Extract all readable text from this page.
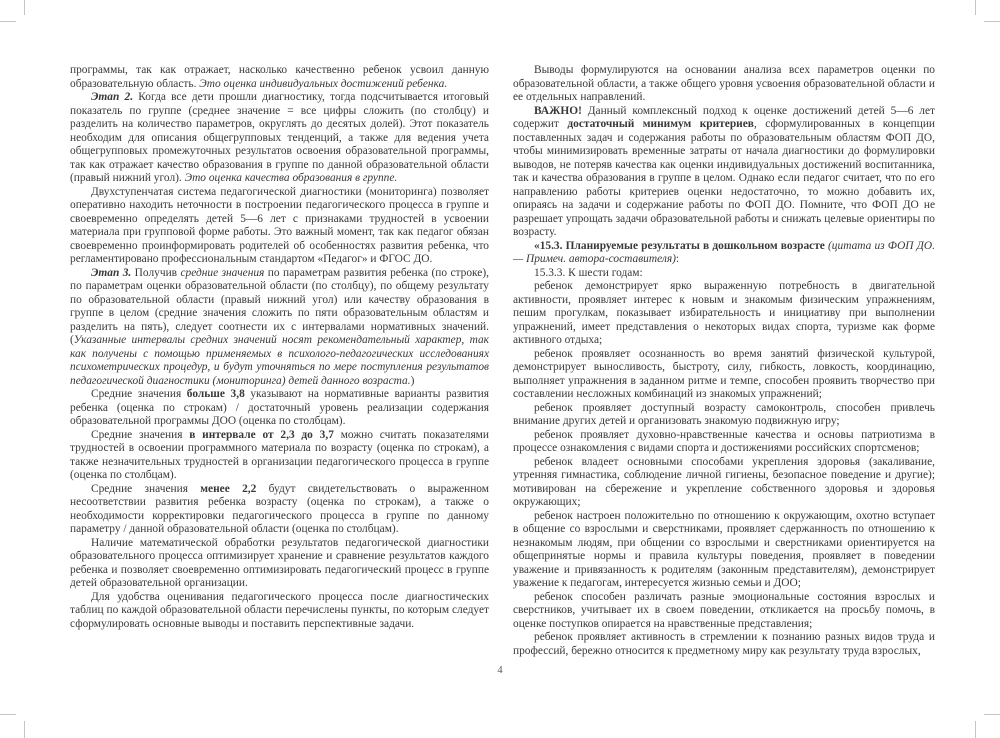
программы, так как отражает, насколько качественно ребенок усвоил данную образовательную область. Это оценка индивидуальных достижений ребенка.

Этап 2. Когда все дети прошли диагностику, тогда подсчитывается итоговый показатель по группе (среднее значение = все цифры сложить (по столбцу) и разделить на количество параметров, округлять до десятых долей). Этот показатель необходим для описания общегрупповых тенденций, а также для ведения учета общегрупповых промежуточных результатов освоения образовательной программы, так как отражает качество образования в группе по данной образовательной области (правый нижний угол). Это оценка качества образования в группе.

Двухступенчатая система педагогической диагностики (мониторинга) позволяет оперативно находить неточности в построении педагогического процесса в группе и своевременно определять детей 5—6 лет с признаками трудностей в усвоении материала при групповой форме работы. Это важный момент, так как педагог обязан своевременно проинформировать родителей об особенностях развития ребенка, что регламентировано профессиональным стандартом «Педагог» и ФГОС ДО.

Этап 3. Получив средние значения по параметрам развития ребенка (по строке), по параметрам оценки образовательной области (по столбцу), по общему результату по образовательной области (правый нижний угол) или качеству образования в группе в целом (средние значения сложить по пяти образовательным областям и разделить на пять), следует соотнести их с интервалами нормативных значений. (Указанные интервалы средних значений носят рекомендательный характер, так как получены с помощью применяемых в психолого-педагогических исследованиях психометрических процедур, и будут уточняться по мере поступления результатов педагогической диагностики (мониторинга) детей данного возраста.)

Средние значения больше 3,8 указывают на нормативные варианты развития ребенка (оценка по строкам) / достаточный уровень реализации содержания образовательной программы ДОО (оценка по столбцам).

Средние значения в интервале от 2,3 до 3,7 можно считать показателями трудностей в освоении программного материала по возрасту (оценка по строкам), а также незначительных трудностей в организации педагогического процесса в группе (оценка по столбцам).

Средние значения менее 2,2 будут свидетельствовать о выраженном несоответствии развития ребенка возрасту (оценка по строкам), а также о необходимости корректировки педагогического процесса в группе по данному параметру / данной образовательной области (оценка по столбцам).

Наличие математической обработки результатов педагогической диагностики образовательного процесса оптимизирует хранение и сравнение результатов каждого ребенка и позволяет своевременно оптимизировать педагогический процесс в группе детей образовательной организации.

Для удобства оценивания педагогического процесса после диагностических таблиц по каждой образовательной области перечислены пункты, по которым следует сформулировать основные выводы и поставить перспективные задачи.

Выводы формулируются на основании анализа всех параметров оценки по образовательной области, а также общего уровня усвоения образовательной области и ее отдельных направлений.

ВАЖНО! Данный комплексный подход к оценке достижений детей 5—6 лет содержит достаточный минимум критериев, сформулированных в концепции поставленных задач и содержания работы по образовательным областям ФОП ДО, чтобы минимизировать временные затраты от начала диагностики до формулировки выводов, не потеряв качества как оценки индивидуальных достижений воспитанника, так и качества образования в группе в целом. Однако если педагог считает, что по его направлению работы критериев оценки недостаточно, то можно добавить их, опираясь на задачи и содержание работы по ФОП ДО. Помните, что ФОП ДО не разрешает упрощать задачи образовательной работы и снижать целевые ориентиры по возрасту.

«15.3. Планируемые результаты в дошкольном возрасте (цитата из ФОП ДО. — Примеч. автора-составителя):

15.3.3. К шести годам:

ребенок демонстрирует ярко выраженную потребность в двигательной активности, проявляет интерес к новым и знакомым физическим упражнениям, пешим прогулкам, показывает избирательность и инициативу при выполнении упражнений, имеет представления о некоторых видах спорта, туризме как форме активного отдыха;

ребенок проявляет осознанность во время занятий физической культурой, демонстрирует выносливость, быстроту, силу, гибкость, ловкость, координацию, выполняет упражнения в заданном ритме и темпе, способен проявить творчество при составлении несложных комбинаций из знакомых упражнений;

ребенок проявляет доступный возрасту самоконтроль, способен привлечь внимание других детей и организовать знакомую подвижную игру;

ребенок проявляет духовно-нравственные качества и основы патриотизма в процессе ознакомления с видами спорта и достижениями российских спортсменов;

ребенок владеет основными способами укрепления здоровья (закаливание, утренняя гимнастика, соблюдение личной гигиены, безопасное поведение и другие); мотивирован на сбережение и укрепление собственного здоровья и здоровья окружающих;

ребенок настроен положительно по отношению к окружающим, охотно вступает в общение со взрослыми и сверстниками, проявляет сдержанность по отношению к незнакомым людям, при общении со взрослыми и сверстниками ориентируется на общепринятые нормы и правила культуры поведения, проявляет в поведении уважение и привязанность к родителям (законным представителям), демонстрирует уважение к педагогам, интересуется жизнью семьи и ДОО;

ребенок способен различать разные эмоциональные состояния взрослых и сверстников, учитывает их в своем поведении, откликается на просьбу помочь, в оценке поступков опирается на нравственные представления;

ребенок проявляет активность в стремлении к познанию разных видов труда и профессий, бережно относится к предметному миру как результату труда взрослых,

4
